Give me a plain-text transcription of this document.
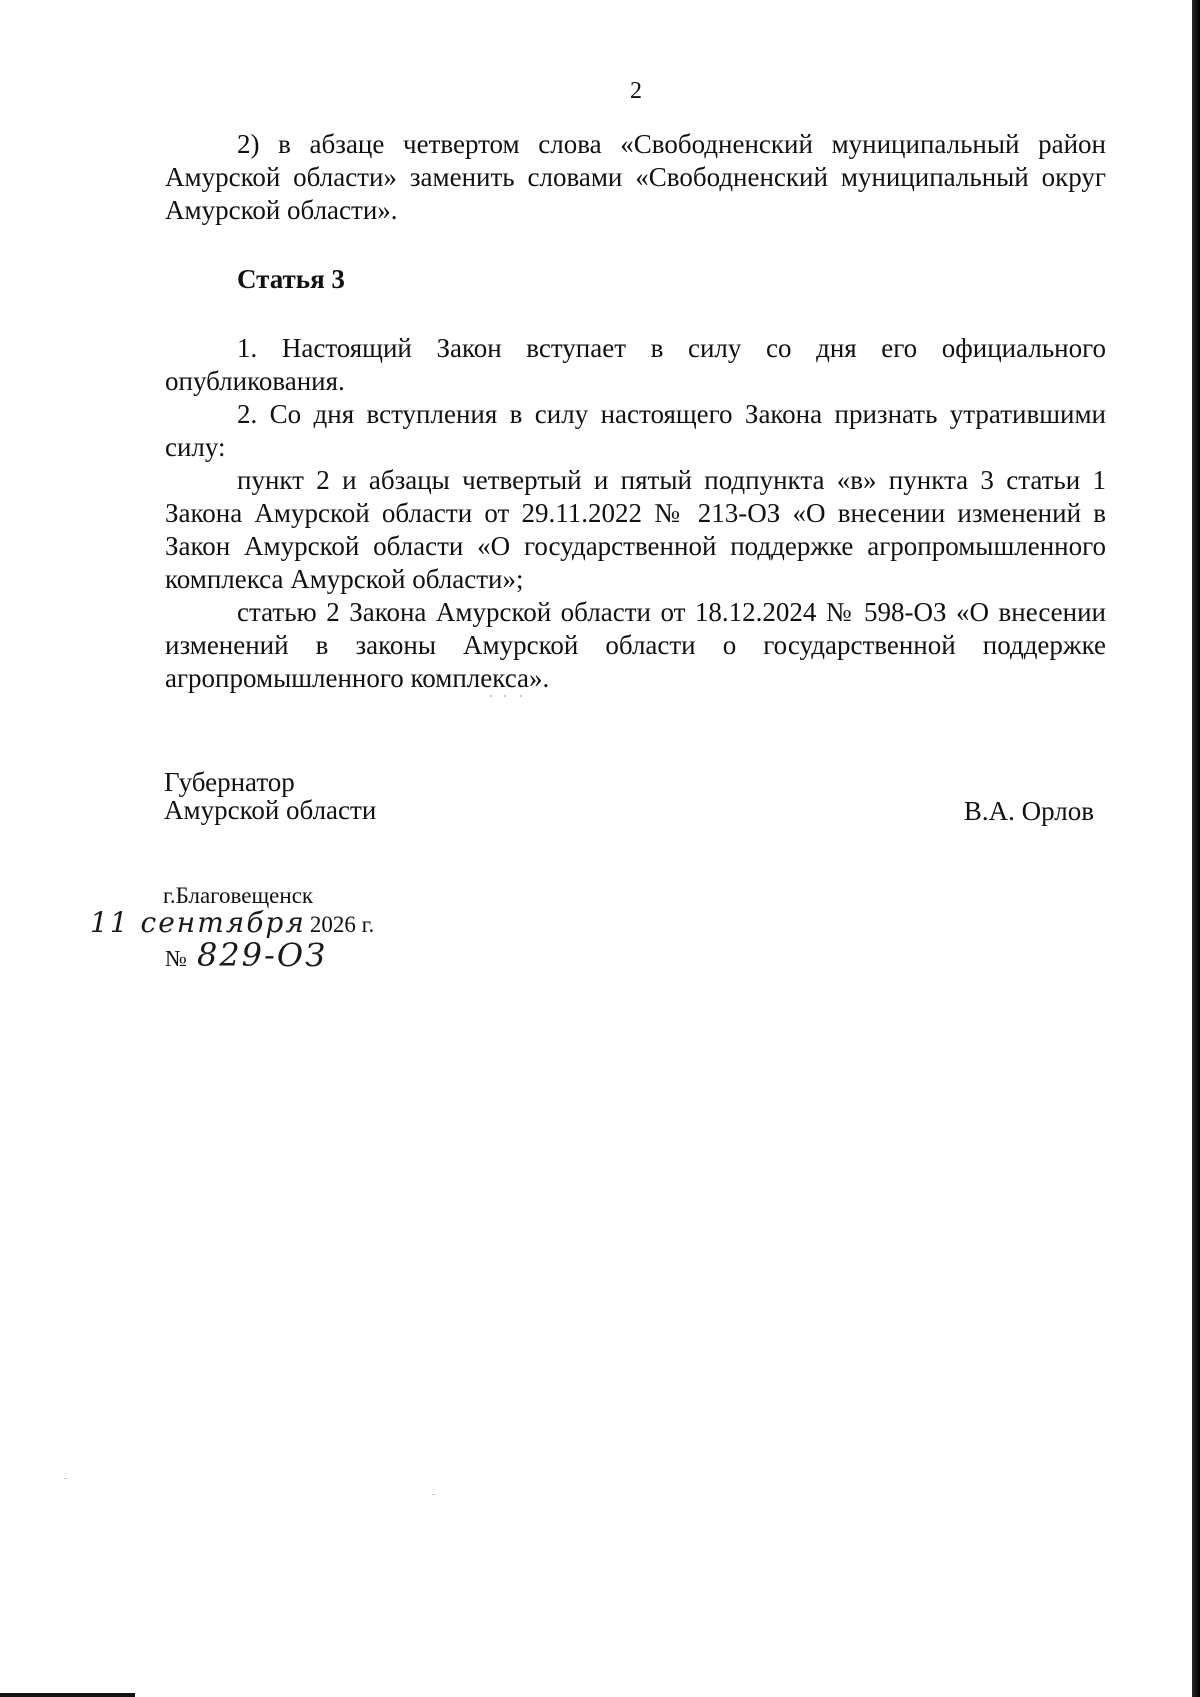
2

2) в абзаце четвертом слова «Свободненский муниципальный район Амурской области» заменить словами «Свободненский муниципальный округ Амурской области».

Статья 3

1. Настоящий Закон вступает в силу со дня его официального опубликования.

2. Со дня вступления в силу настоящего Закона признать утратившими силу:

пункт 2 и абзацы четвертый и пятый подпункта «в» пункта 3 статьи 1 Закона Амурской области от 29.11.2022 № 213-ОЗ «О внесении изменений в Закон Амурской области «О государственной поддержке агропромышленного комплекса Амурской области»;

статью 2 Закона Амурской области от 18.12.2024 № 598-ОЗ «О внесении изменений в законы Амурской области о государственной поддержке агропромышленного комплекса».

Губернатор
Амурской области	В.А. Орлов
г.Благовещенск
11 сентября 2026 г.
№ 829-ОЗ
